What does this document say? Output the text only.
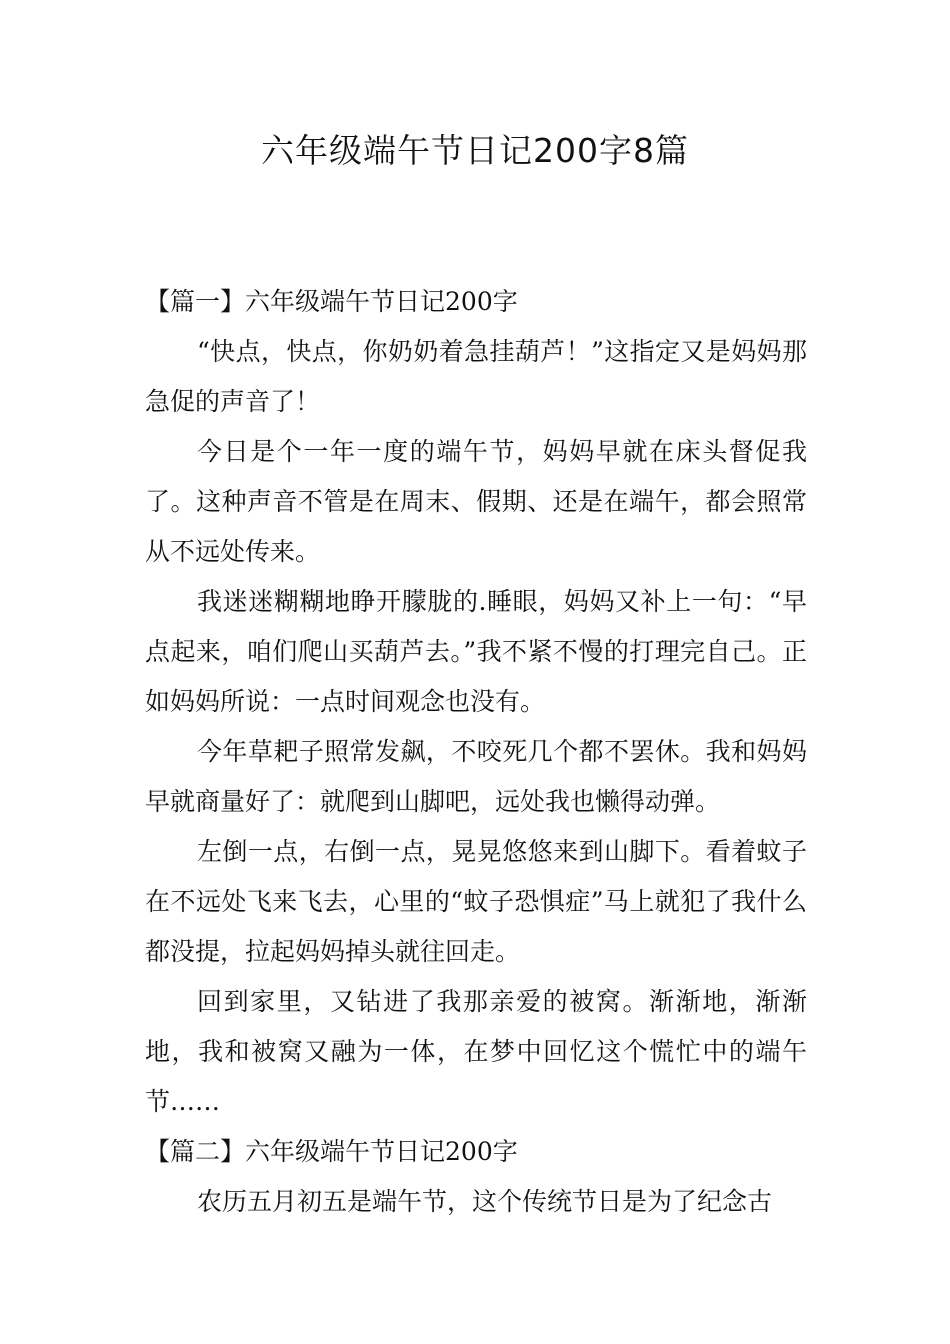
六年级端午节日记200字8篇

【篇一】六年级端午节日记200字

“快点，快点，你奶奶着急挂葫芦！”这指定又是妈妈那急促的声音了！

今日是个一年一度的端午节，妈妈早就在床头督促我了。这种声音不管是在周末、假期、还是在端午，都会照常从不远处传来。

我迷迷糊糊地睁开朦胧的.睡眼，妈妈又补上一句：“早点起来，咱们爬山买葫芦去。”我不紧不慢的打理完自己。正如妈妈所说：一点时间观念也没有。

今年草耙子照常发飙，不咬死几个都不罢休。我和妈妈早就商量好了：就爬到山脚吧，远处我也懒得动弹。

左倒一点，右倒一点，晃晃悠悠来到山脚下。看着蚊子在不远处飞来飞去，心里的“蚊子恐惧症”马上就犯了我什么都没提，拉起妈妈掉头就往回走。

回到家里，又钻进了我那亲爱的被窝。渐渐地，渐渐地，我和被窝又融为一体，在梦中回忆这个慌忙中的端午节……

【篇二】六年级端午节日记200字

农历五月初五是端午节，这个传统节日是为了纪念古
